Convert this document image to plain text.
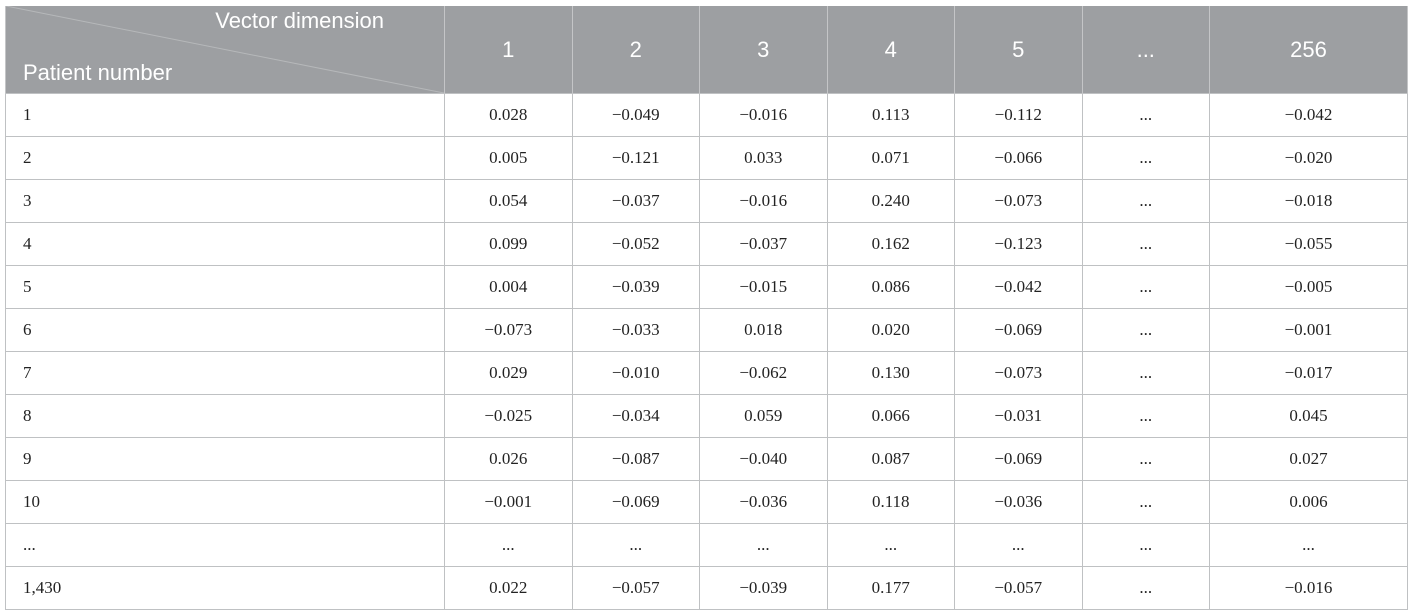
Vector dimension
Patient number	1	2	3	4	5	...	256
1	0.028	−0.049	−0.016	0.113	−0.112	...	−0.042
2	0.005	−0.121	0.033	0.071	−0.066	...	−0.020
3	0.054	−0.037	−0.016	0.240	−0.073	...	−0.018
4	0.099	−0.052	−0.037	0.162	−0.123	...	−0.055
5	0.004	−0.039	−0.015	0.086	−0.042	...	−0.005
6	−0.073	−0.033	0.018	0.020	−0.069	...	−0.001
7	0.029	−0.010	−0.062	0.130	−0.073	...	−0.017
8	−0.025	−0.034	0.059	0.066	−0.031	...	0.045
9	0.026	−0.087	−0.040	0.087	−0.069	...	0.027
10	−0.001	−0.069	−0.036	0.118	−0.036	...	0.006
...	...	...	...	...	...	...	...
1,430	0.022	−0.057	−0.039	0.177	−0.057	...	−0.016
